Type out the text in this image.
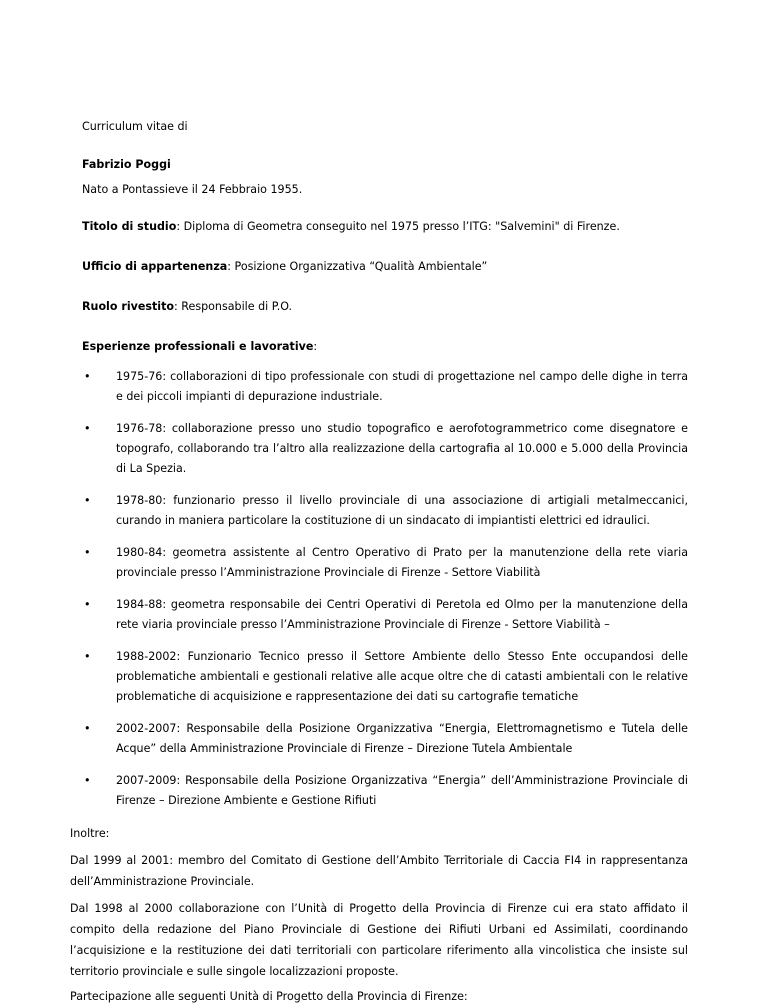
Curriculum vitae di

Fabrizio Poggi

Nato a Pontassieve il 24 Febbraio 1955.

Titolo di studio: Diploma di Geometra conseguito nel 1975 presso l’ITG: "Salvemini" di Firenze.

Ufficio di appartenenza: Posizione Organizzativa “Qualità Ambientale”

Ruolo rivestito: Responsabile di P.O.

Esperienze professionali e lavorative:

• 1975-76: collaborazioni di tipo professionale con studi di progettazione nel campo delle dighe in terra e dei piccoli impianti di depurazione industriale.
• 1976-78: collaborazione presso uno studio topografico e aerofotogrammetrico come disegnatore e topografo, collaborando tra l’altro alla realizzazione della cartografia al 10.000 e 5.000 della Provincia di La Spezia.
• 1978-80: funzionario presso il livello provinciale di una associazione di artigiali metalmeccanici, curando in maniera particolare la costituzione di un sindacato di impiantisti elettrici ed idraulici.
• 1980-84: geometra assistente al Centro Operativo di Prato per la manutenzione della rete viaria provinciale presso l’Amministrazione Provinciale di Firenze - Settore Viabilità
• 1984-88: geometra responsabile dei Centri Operativi di Peretola ed Olmo per la manutenzione della rete viaria provinciale presso l’Amministrazione Provinciale di Firenze - Settore Viabilità –
• 1988-2002: Funzionario Tecnico presso il Settore Ambiente dello Stesso Ente occupandosi delle problematiche ambientali e gestionali relative alle acque oltre che di catasti ambientali con le relative problematiche di acquisizione e rappresentazione dei dati su cartografie tematiche
• 2002-2007: Responsabile della Posizione Organizzativa “Energia, Elettromagnetismo e Tutela delle Acque” della Amministrazione Provinciale di Firenze – Direzione Tutela Ambientale
• 2007-2009: Responsabile della Posizione Organizzativa “Energia” dell’Amministrazione Provinciale di Firenze – Direzione Ambiente e Gestione Rifiuti

Inoltre:

Dal 1999 al 2001: membro del Comitato di Gestione dell’Ambito Territoriale di Caccia FI4 in rappresentanza dell’Amministrazione Provinciale.

Dal 1998 al 2000 collaborazione con l’Unità di Progetto della Provincia di Firenze cui era stato affidato il compito della redazione del Piano Provinciale di Gestione dei Rifiuti Urbani ed Assimilati, coordinando l’acquisizione e la restituzione dei dati territoriali con particolare riferimento alla vincolistica che insiste sul territorio provinciale e sulle singole localizzazioni proposte.

Partecipazione alle seguenti Unità di Progetto della Provincia di Firenze:
